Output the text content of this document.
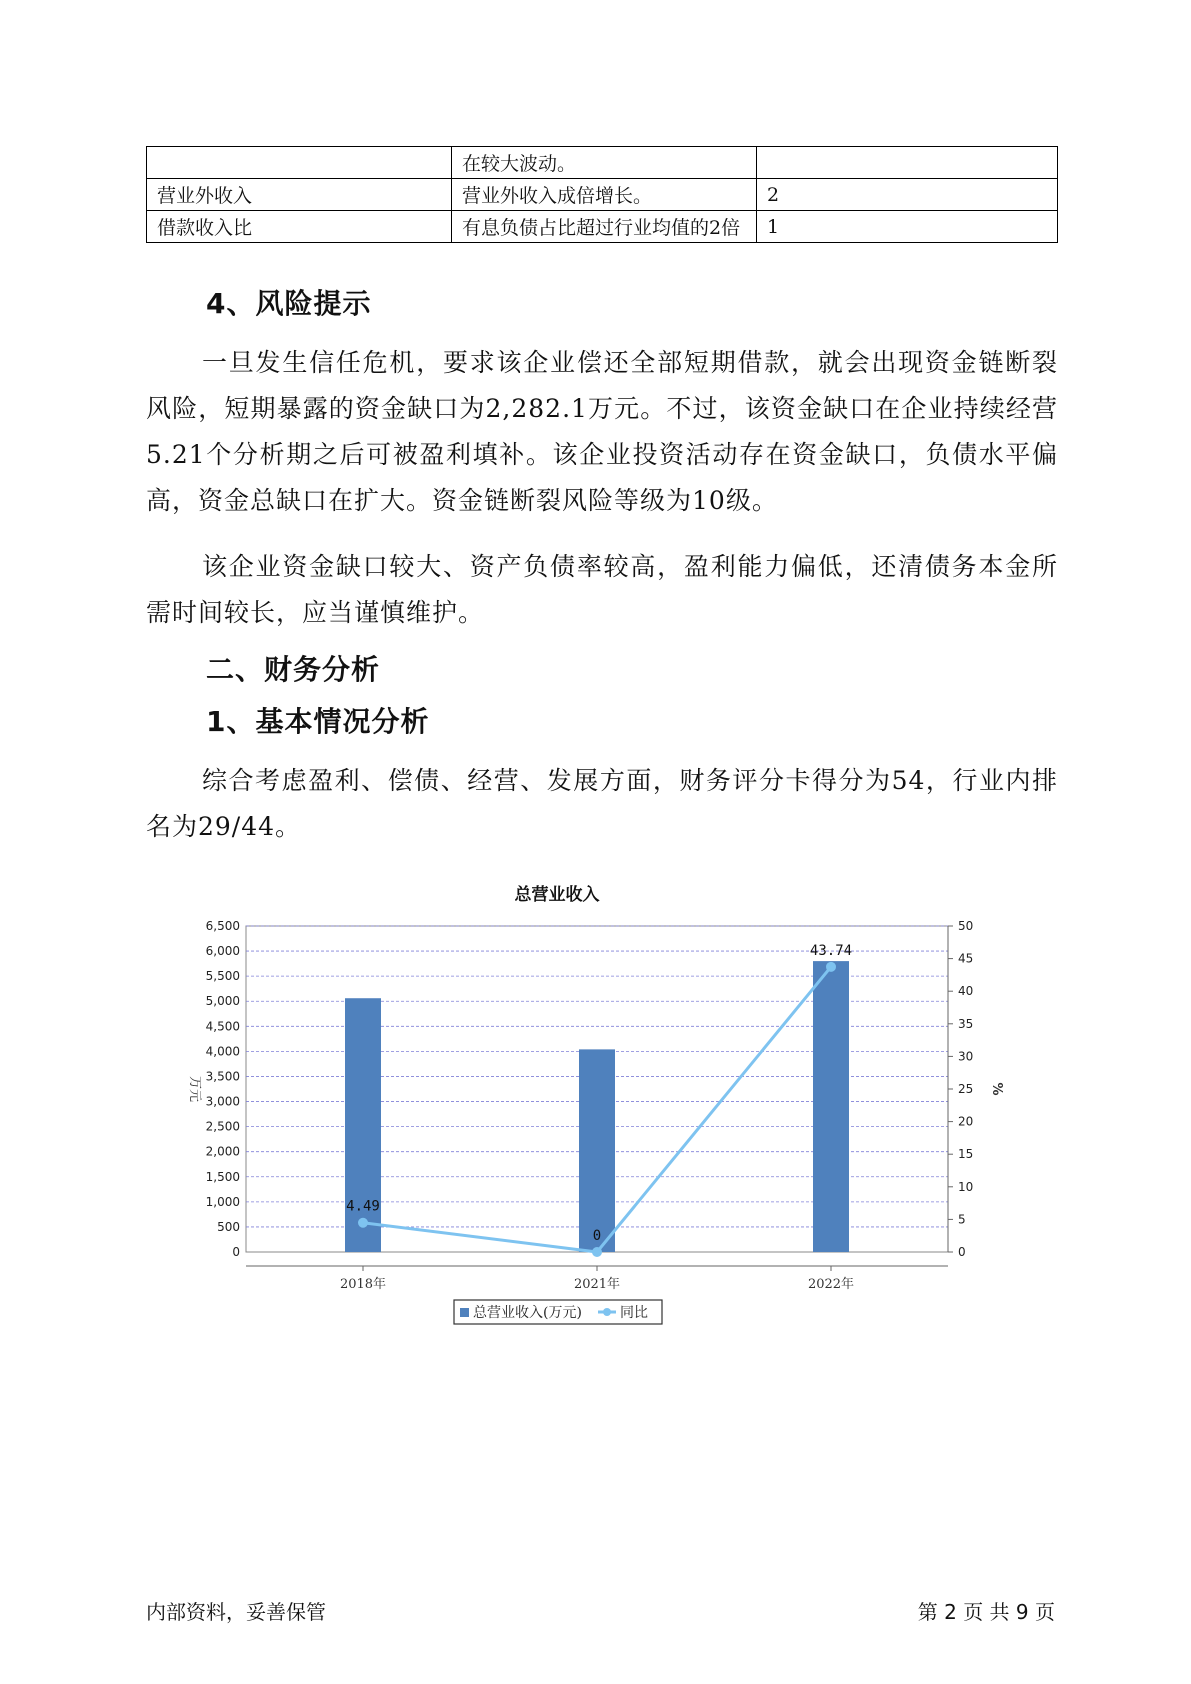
	在较大波动。	
营业外收入	营业外收入成倍增长。	2
借款收入比	有息负债占比超过行业均值的2倍	1
4、风险提示
一旦发生信任危机，要求该企业偿还全部短期借款，就会出现资金链断裂风险，短期暴露的资金缺口为2,282.1万元。不过，该资金缺口在企业持续经营 5.21个分析期之后可被盈利填补。该企业投资活动存在资金缺口，负债水平偏高，资金总缺口在扩大。资金链断裂风险等级为10级。
该企业资金缺口较大、资产负债率较高，盈利能力偏低，还清债务本金所需时间较长，应当谨慎维护。
二、财务分析
1、基本情况分析
综合考虑盈利、偿债、经营、发展方面，财务评分卡得分为54，行业内排名为29/44。
总营业收入
0
500
1,000
1,500
2,000
2,500
3,000
3,500
4,000
4,500
5,000
5,500
6,000
6,500
0
5
10
15
20
25
30
35
40
45
50
万元	%
2018年	2021年	2022年
4.49
0
43.74
总营业收入(万元)	同比
内部资料，妥善保管	第 2 页 共 9 页
